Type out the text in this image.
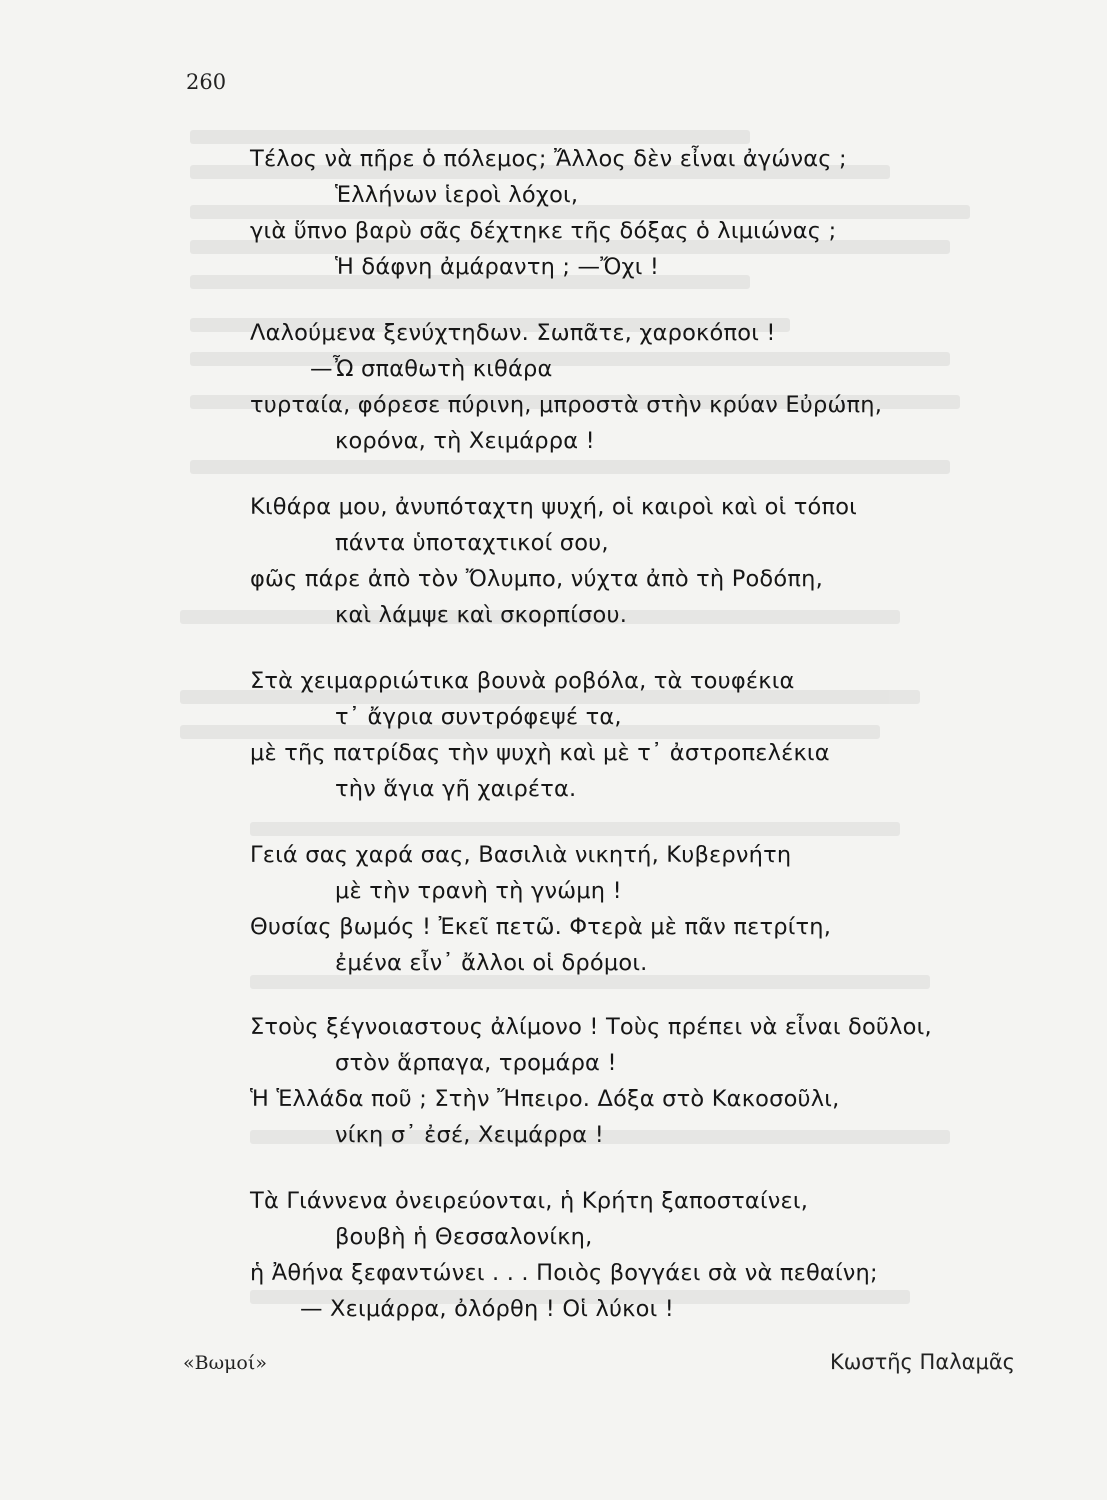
260
Τέλος νὰ πῆρε ὁ πόλεμος; Ἄλλος δὲν εἶναι ἀγώνας ;
Ἑλλήνων ἱεροὶ λόχοι,
γιὰ ὕπνο βαρὺ σᾶς δέχτηκε τῆς δόξας ὁ λιμιώνας ;
Ἡ δάφνη ἀμάραντη ; —Ὄχι !
Λαλούμενα ξενύχτηδων. Σωπᾶτε, χαροκόποι !
—Ὦ σπαθωτὴ κιθάρα
τυρταία, φόρεσε πύρινη, μπροστὰ στὴν κρύαν Εὐρώπη,
κορόνα, τὴ Χειμάρρα !
Κιθάρα μου, ἀνυπόταχτη ψυχή, οἱ καιροὶ καὶ οἱ τόποι
πάντα ὑποταχτικοί σου,
φῶς πάρε ἀπὸ τὸν Ὄλυμπο, νύχτα ἀπὸ τὴ Ροδόπη,
καὶ λάμψε καὶ σκορπίσου.
Στὰ χειμαρριώτικα βουνὰ ροβόλα, τὰ τουφέκια
τ᾿ ἄγρια συντρόφεψέ τα,
μὲ τῆς πατρίδας τὴν ψυχὴ καὶ μὲ τ᾿ ἀστροπελέκια
τὴν ἅγια γῆ χαιρέτα.
Γειά σας χαρά σας, Βασιλιὰ νικητή, Κυβερνήτη
μὲ τὴν τρανὴ τὴ γνώμη !
Θυσίας βωμός ! Ἐκεῖ πετῶ. Φτερὰ μὲ πᾶν πετρίτη,
ἐμένα εἶν᾿ ἄλλοι οἱ δρόμοι.
Στοὺς ξέγνοιαστους ἀλίμονο ! Τοὺς πρέπει νὰ εἶναι δοῦλοι,
στὸν ἅρπαγα, τρομάρα !
Ἡ Ἑλλάδα ποῦ ; Στὴν Ἤπειρο. Δόξα στὸ Κακοσοῦλι,
νίκη σ᾿ ἐσέ, Χειμάρρα !
Τὰ Γιάννενα ὀνειρεύονται, ἡ Κρήτη ξαποσταίνει,
βουβὴ ἡ Θεσσαλονίκη,
ἡ Ἀθήνα ξεφαντώνει . . . Ποιὸς βογγάει σὰ νὰ πεθαίνη;
— Χειμάρρα, ὀλόρθη ! Οἱ λύκοι !
«Βωμοί»	Κωστῆς Παλαμᾶς
